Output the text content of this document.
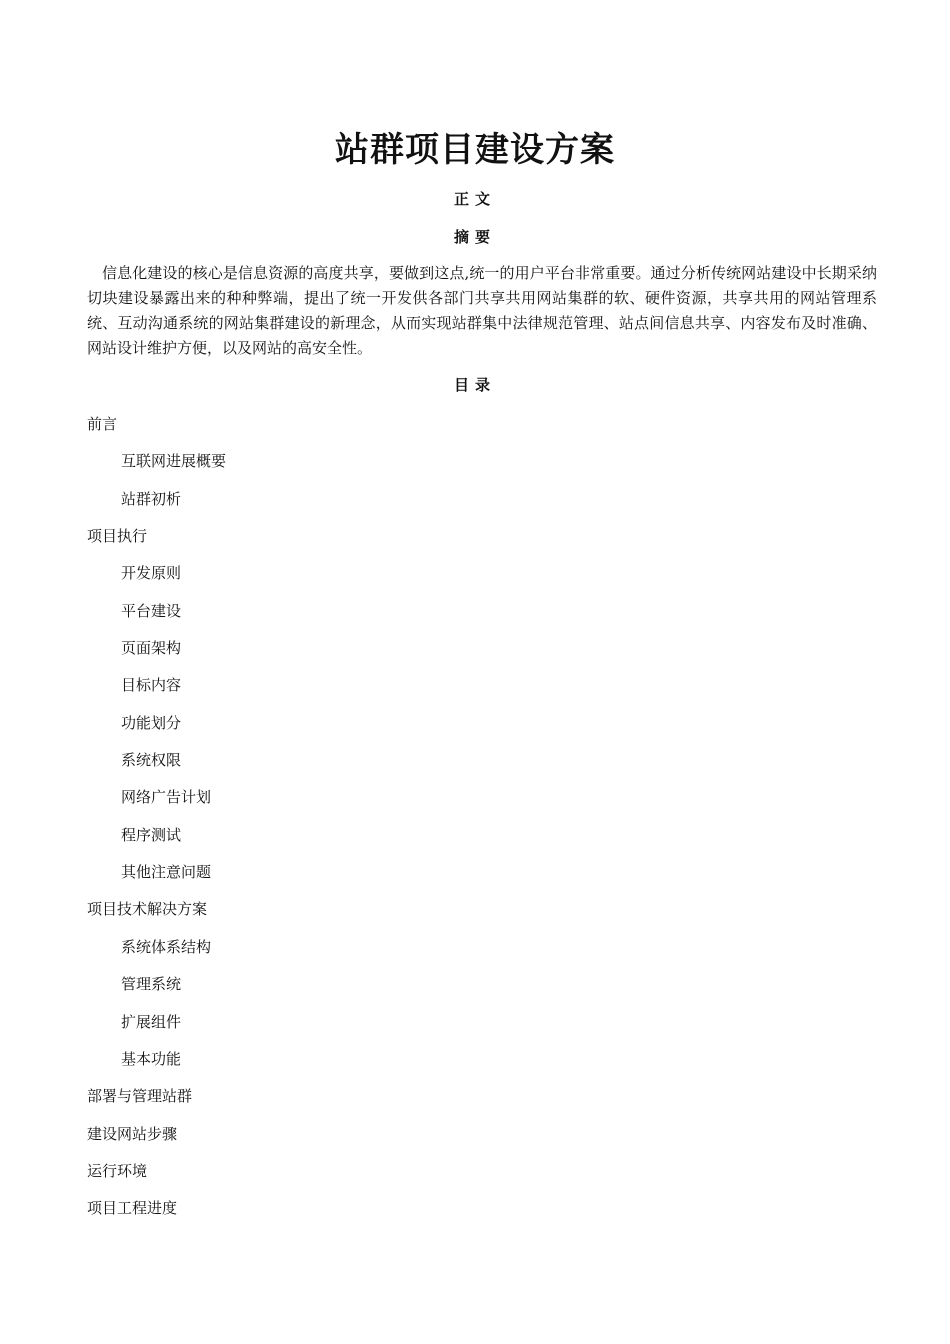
站群项目建设方案
正文
摘要

信息化建设的核心是信息资源的高度共享，要做到这点,统一的用户平台非常重要。通过分析传统网站建设中长期采纳切块建设暴露出来的种种弊端，提出了统一开发供各部门共享共用网站集群的软、硬件资源，共享共用的网站管理系统、互动沟通系统的网站集群建设的新理念，从而实现站群集中法律规范管理、站点间信息共享、内容发布及时准确、网站设计维护方便，以及网站的高安全性。

目录
前言
互联网进展概要
站群初析
项目执行
开发原则
平台建设
页面架构
目标内容
功能划分
系统权限
网络广告计划
程序测试
其他注意问题
项目技术解决方案
系统体系结构
管理系统
扩展组件
基本功能
部署与管理站群
建设网站步骤
运行环境
项目工程进度
